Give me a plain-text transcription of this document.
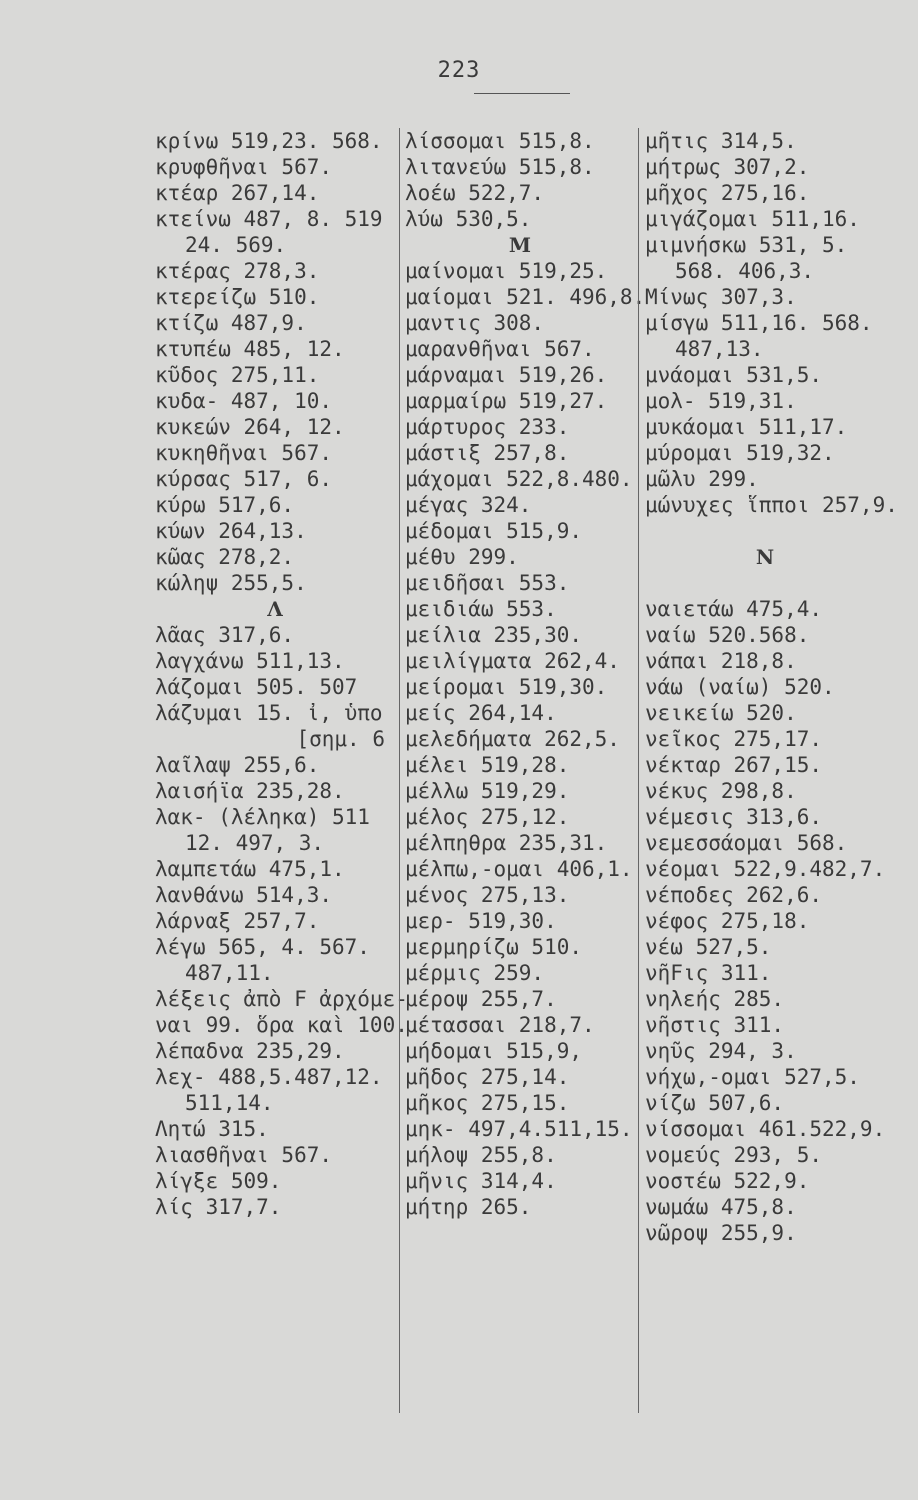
223
κρίνω 519,23. 568.
κρυφθῆναι 567.
κτέαρ 267,14.
κτείνω 487, 8. 519
24. 569.
κτέρας 278,3.
κτερείζω 510.
κτίζω 487,9.
κτυπέω 485, 12.
κῦδος 275,11.
κυδα- 487, 10.
κυκεών 264, 12.
κυκηθῆναι 567.
κύρσας 517, 6.
κύρω 517,6.
κύων 264,13.
κῶας 278,2.
κώληψ 255,5.
Λ
λᾶας 317,6.
λαγχάνω 511,13.
λάζομαι 505. 507
λάζυμαι 15. ἰ, ὑπο
[σημ. 6
λαῖλαψ 255,6.
λαισήϊα 235,28.
λακ- (λέληκα) 511
12. 497, 3.
λαμπετάω 475,1.
λανθάνω 514,3.
λάρναξ 257,7.
λέγω 565, 4. 567.
487,11.
λέξεις ἀπὸ F ἀρχόμε-
ναι 99. ὅρα καὶ 100.
λέπαδνα 235,29.
λεχ- 488,5.487,12.
511,14.
Λητώ 315.
λιασθῆναι 567.
λίγξε 509.
λίς 317,7.
λίσσομαι 515,8.
λιτανεύω 515,8.
λοέω 522,7.
λύω 530,5.
Μ
μαίνομαι 519,25.
μαίομαι 521. 496,8.
μαντις 308.
μαρανθῆναι 567.
μάρναμαι 519,26.
μαρμαίρω 519,27.
μάρτυρος 233.
μάστιξ 257,8.
μάχομαι 522,8.480.
μέγας 324.
μέδομαι 515,9.
μέθυ 299.
μειδῆσαι 553.
μειδιάω 553.
μείλια 235,30.
μειλίγματα 262,4.
μείρομαι 519,30.
μείς 264,14.
μελεδήματα 262,5.
μέλει 519,28.
μέλλω 519,29.
μέλος 275,12.
μέλπηθρα 235,31.
μέλπω,-ομαι 406,1.
μένος 275,13.
μερ- 519,30.
μερμηρίζω 510.
μέρμις 259.
μέροψ 255,7.
μέτασσαι 218,7.
μήδομαι 515,9,
μῆδος 275,14.
μῆκος 275,15.
μηκ- 497,4.511,15.
μήλοψ 255,8.
μῆνις 314,4.
μήτηρ 265.
μῆτις 314,5.
μήτρως 307,2.
μῆχος 275,16.
μιγάζομαι 511,16.
μιμνήσκω 531, 5.
568. 406,3.
Μίνως 307,3.
μίσγω 511,16. 568.
487,13.
μνάομαι 531,5.
μολ- 519,31.
μυκάομαι 511,17.
μύρομαι 519,32.
μῶλυ 299.
μώνυχες ἵπποι 257,9.
Ν
ναιετάω 475,4.
ναίω 520.568.
νάπαι 218,8.
νάω (ναίω) 520.
νεικείω 520.
νεῖκος 275,17.
νέκταρ 267,15.
νέκυς 298,8.
νέμεσις 313,6.
νεμεσσάομαι 568.
νέομαι 522,9.482,7.
νέποδες 262,6.
νέφος 275,18.
νέω 527,5.
νῆFις 311.
νηλεής 285.
νῆστις 311.
νηῦς 294, 3.
νήχω,-ομαι 527,5.
νίζω 507,6.
νίσσομαι 461.522,9.
νομεύς 293, 5.
νοστέω 522,9.
νωμάω 475,8.
νῶροψ 255,9.
